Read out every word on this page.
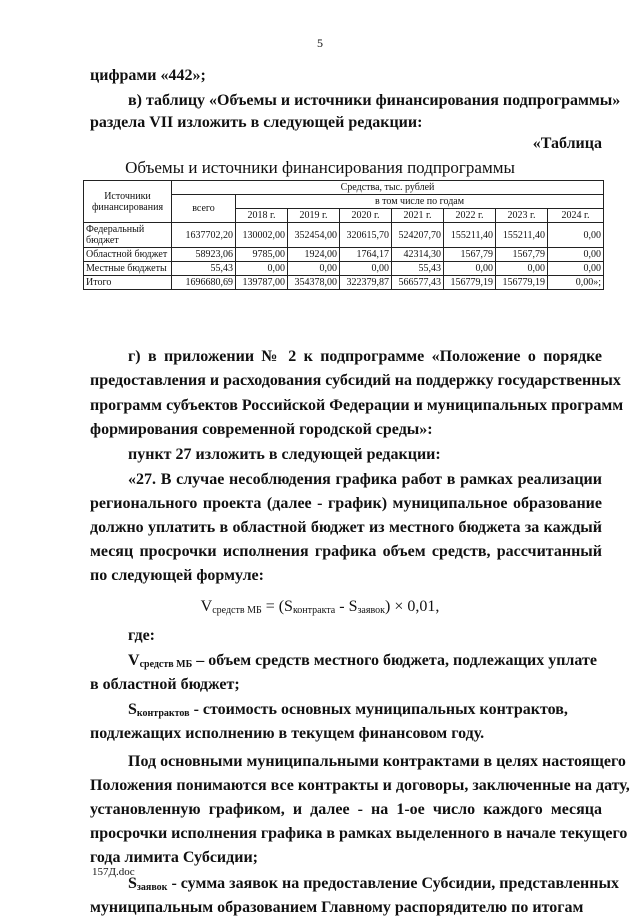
5
цифрами «442»;
в) таблицу «Объемы и источники финансирования подпрограммы»
раздела VII изложить в следующей редакции:
«Таблица
Объемы и источники финансирования подпрограммы
Источники финансирования	Средства, тыс. рублей							
	всего	в том числе по годам						
		2018 г.	2019 г.	2020 г.	2021 г.	2022 г.	2023 г.	2024 г.
Федеральный бюджет	1637702,20	130002,00	352454,00	320615,70	524207,70	155211,40	155211,40	0,00
Областной бюджет	58923,06	9785,00	1924,00	1764,17	42314,30	1567,79	1567,79	0,00
Местные бюджеты	55,43	0,00	0,00	0,00	55,43	0,00	0,00	0,00
Итого	1696680,69	139787,00	354378,00	322379,87	566577,43	156779,19	156779,19	0,00»;
г) в приложении № 2 к подпрограмме «Положение о порядке
предоставления и расходования субсидий на поддержку государственных
программ субъектов Российской Федерации и муниципальных программ
формирования современной городской среды»:
пункт 27 изложить в следующей редакции:
«27. В случае несоблюдения графика работ в рамках реализации
регионального проекта (далее - график) муниципальное образование
должно уплатить в областной бюджет из местного бюджета за каждый
месяц просрочки исполнения графика объем средств, рассчитанный
по следующей формуле:
$V_{средств МБ} = (S_{контракта} - S_{заявок}) \times 0,01$,
где:
$V_{средств МБ}$ – объем средств местного бюджета, подлежащих уплате
в областной бюджет;
$S_{контрактов}$ - стоимость основных муниципальных контрактов,
подлежащих исполнению в текущем финансовом году.
Под основными муниципальными контрактами в целях настоящего
Положения понимаются все контракты и договоры, заключенные на дату,
установленную графиком, и далее - на 1-ое число каждого месяца
просрочки исполнения графика в рамках выделенного в начале текущего
года лимита Субсидии;
$S_{заявок}$ - сумма заявок на предоставление Субсидии, представленных
муниципальным образованием Главному распорядителю по итогам
157Д.doc
